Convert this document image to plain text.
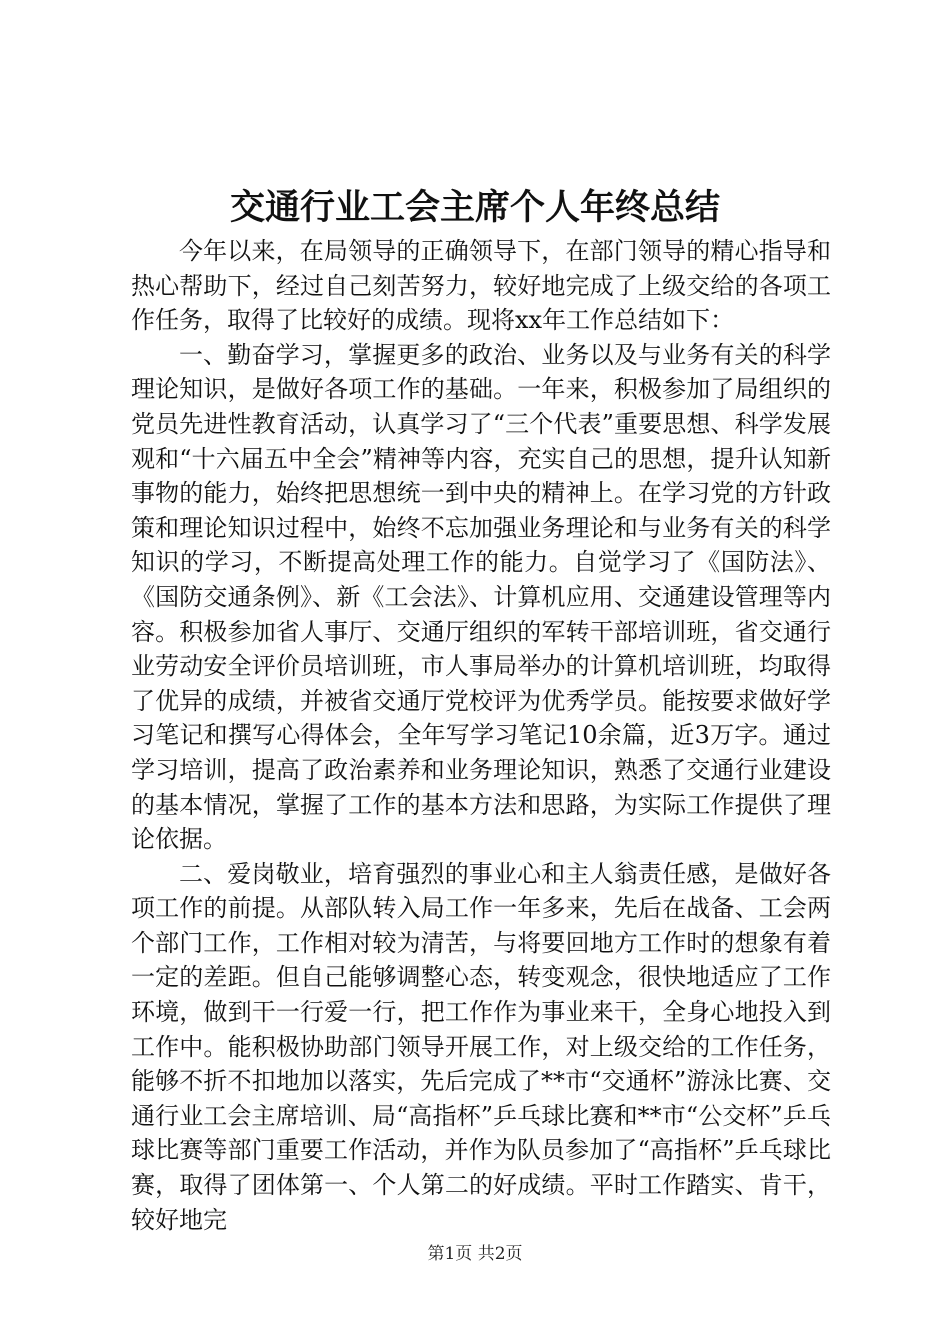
交通行业工会主席个人年终总结

今年以来，在局领导的正确领导下，在部门领导的精心指导和热心帮助下，经过自己刻苦努力，较好地完成了上级交给的各项工作任务，取得了比较好的成绩。现将xx年工作总结如下：

一、勤奋学习，掌握更多的政治、业务以及与业务有关的科学理论知识，是做好各项工作的基础。一年来，积极参加了局组织的党员先进性教育活动，认真学习了“三个代表”重要思想、科学发展观和“十六届五中全会”精神等内容，充实自己的思想，提升认知新事物的能力，始终把思想统一到中央的精神上。在学习党的方针政策和理论知识过程中，始终不忘加强业务理论和与业务有关的科学知识的学习，不断提高处理工作的能力。自觉学习了《国防法》、《国防交通条例》、新《工会法》、计算机应用、交通建设管理等内容。积极参加省人事厅、交通厅组织的军转干部培训班，省交通行业劳动安全评价员培训班，市人事局举办的计算机培训班，均取得了优异的成绩，并被省交通厅党校评为优秀学员。能按要求做好学习笔记和撰写心得体会，全年写学习笔记10余篇，近3万字。通过学习培训，提高了政治素养和业务理论知识，熟悉了交通行业建设的基本情况，掌握了工作的基本方法和思路，为实际工作提供了理论依据。

二、爱岗敬业，培育强烈的事业心和主人翁责任感，是做好各项工作的前提。从部队转入局工作一年多来，先后在战备、工会两个部门工作，工作相对较为清苦，与将要回地方工作时的想象有着一定的差距。但自己能够调整心态，转变观念，很快地适应了工作环境，做到干一行爱一行，把工作作为事业来干，全身心地投入到工作中。能积极协助部门领导开展工作，对上级交给的工作任务，能够不折不扣地加以落实，先后完成了**市“交通杯”游泳比赛、交通行业工会主席培训、局“高指杯”乒乓球比赛和**市“公交杯”乒乓球比赛等部门重要工作活动，并作为队员参加了“高指杯”乒乓球比赛，取得了团体第一、个人第二的好成绩。平时工作踏实、肯干，较好地完

第1页 共2页
